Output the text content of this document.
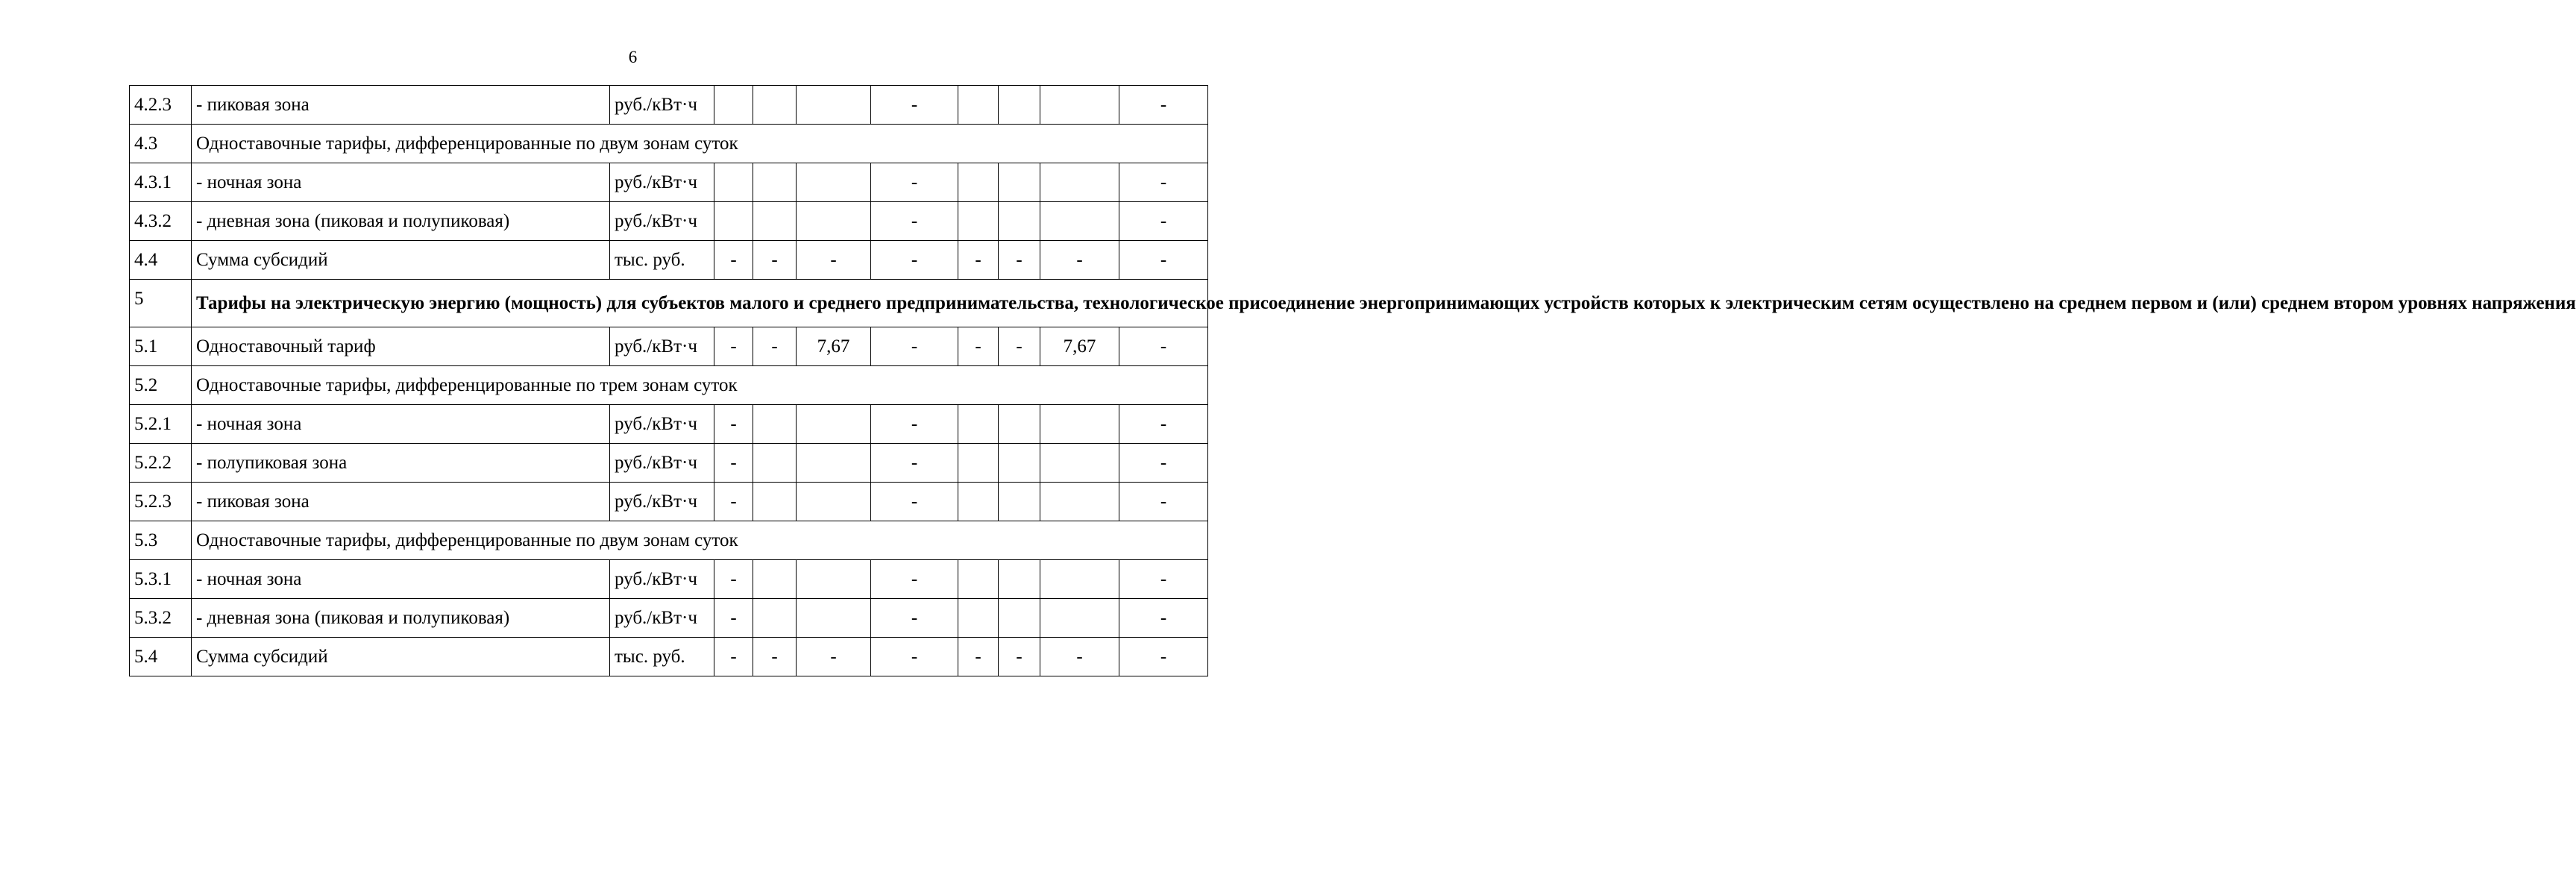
6
4.2.3	- пиковая зона	руб./кВт·ч				-				-
4.3	Одноставочные тарифы, дифференцированные по двум зонам суток									
4.3.1	- ночная зона	руб./кВт·ч				-				-
4.3.2	- дневная зона (пиковая и полупиковая)	руб./кВт·ч				-				-
4.4	Сумма субсидий	тыс. руб.	-	-	-	-	-	-	-	-
5	Тарифы на электрическую энергию (мощность) для субъектов малого и среднего предпринимательства, технологическое присоединение энергопринимающих устройств которых к электрическим сетям осуществлено на среднем первом и (или) среднем втором уровнях напряжения									
5.1	Одноставочный тариф	руб./кВт·ч	-	-	7,67	-	-	-	7,67	-
5.2	Одноставочные тарифы, дифференцированные по трем зонам суток									
5.2.1	- ночная зона	руб./кВт·ч	-			-				-
5.2.2	- полупиковая зона	руб./кВт·ч	-			-				-
5.2.3	- пиковая зона	руб./кВт·ч	-			-				-
5.3	Одноставочные тарифы, дифференцированные по двум зонам суток									
5.3.1	- ночная зона	руб./кВт·ч	-			-				-
5.3.2	- дневная зона (пиковая и полупиковая)	руб./кВт·ч	-			-				-
5.4	Сумма субсидий	тыс. руб.	-	-	-	-	-	-	-	-
